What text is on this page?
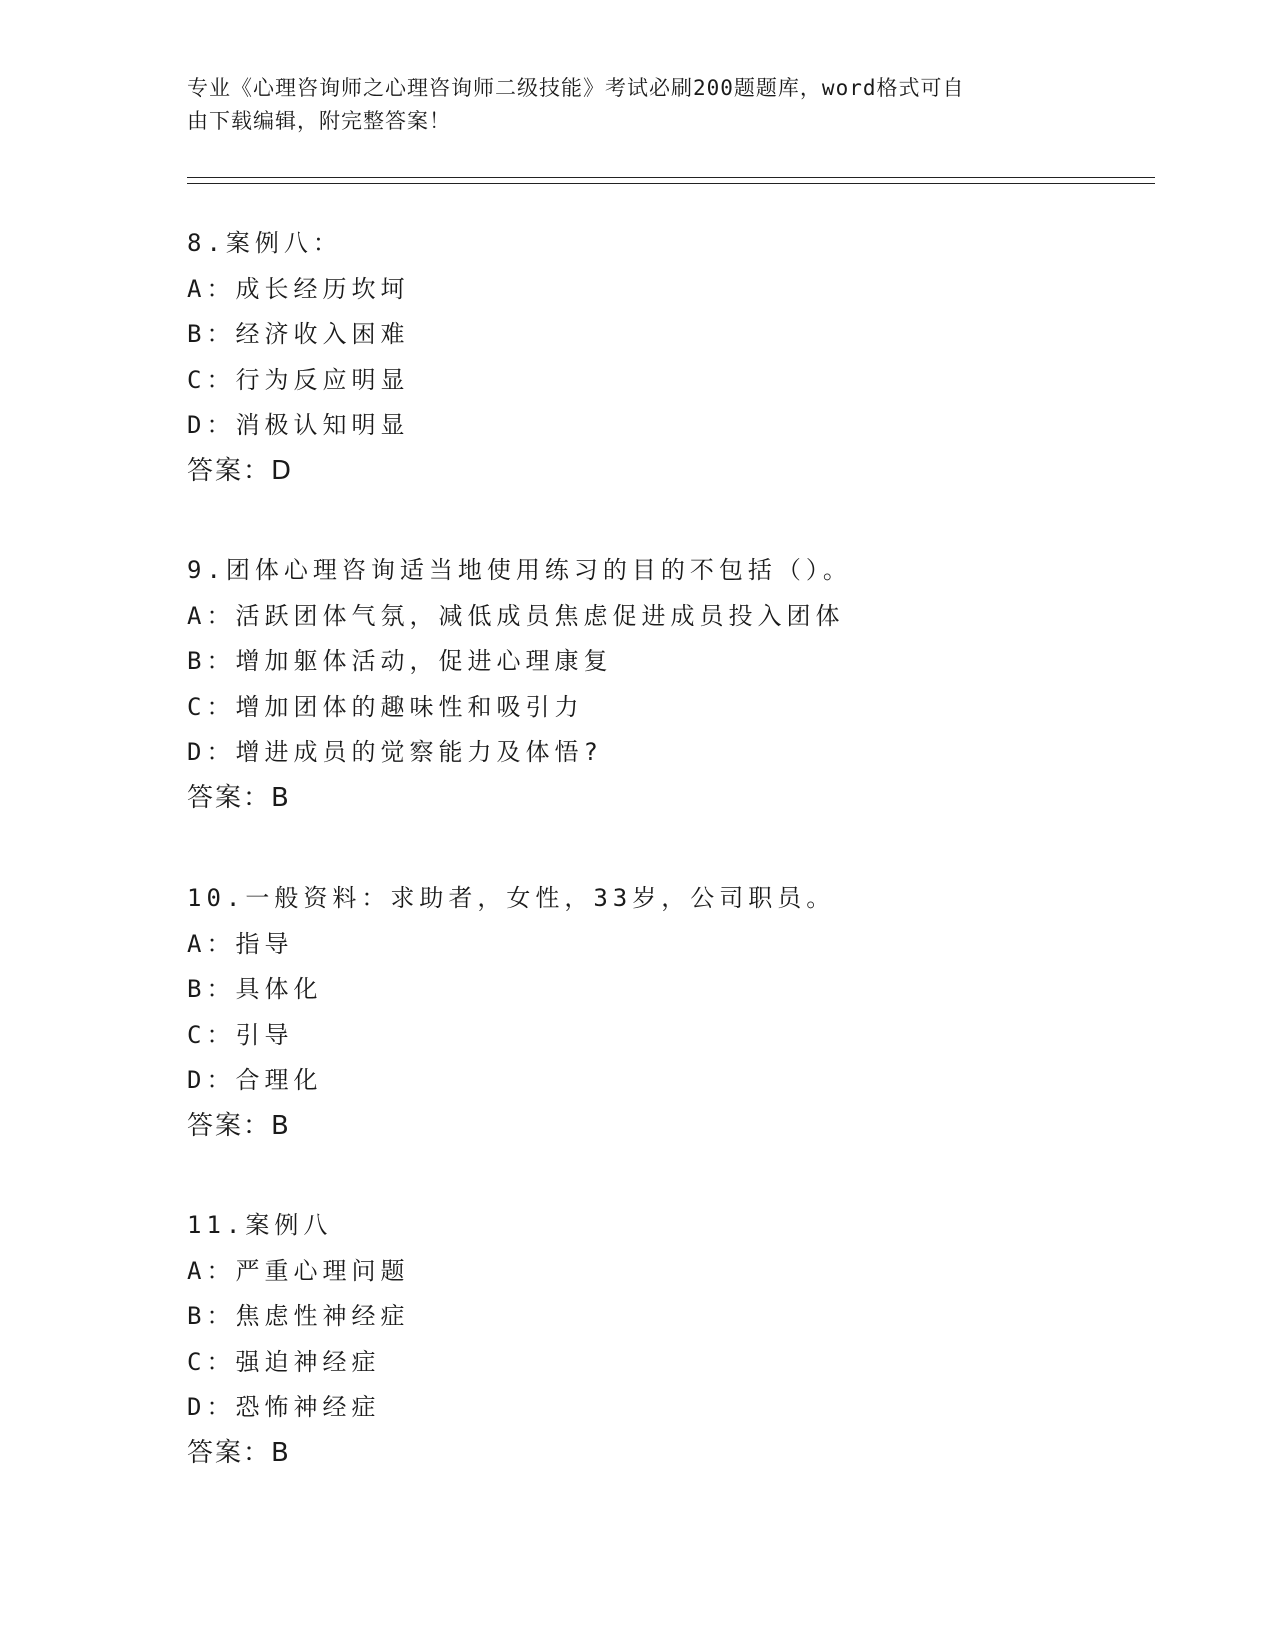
专业《心理咨询师之心理咨询师二级技能》考试必刷200题题库，word格式可自
由下载编辑，附完整答案！
8.案例八：
A：成长经历坎坷
B：经济收入困难
C：行为反应明显
D：消极认知明显
答案：D
9.团体心理咨询适当地使用练习的目的不包括（）。
A：活跃团体气氛，减低成员焦虑促进成员投入团体
B：增加躯体活动，促进心理康复
C：增加团体的趣味性和吸引力
D：增进成员的觉察能力及体悟?
答案：B
10.一般资料：求助者，女性，33岁，公司职员。
A：指导
B：具体化
C：引导
D：合理化
答案：B
11.案例八
A：严重心理问题
B：焦虑性神经症
C：强迫神经症
D：恐怖神经症
答案：B
